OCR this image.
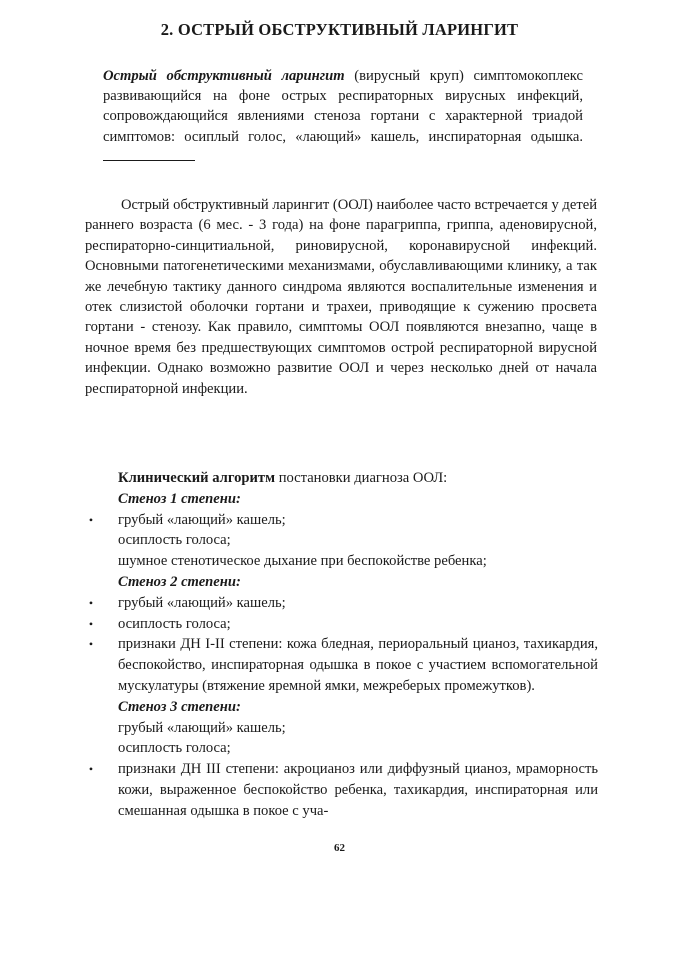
2. ОСТРЫЙ ОБСТРУКТИВНЫЙ ЛАРИНГИТ
Острый обструктивный ларингит (вирусный круп) симптомокоплекс развивающийся на фоне острых респираторных вирусных инфекций, сопровождающийся явлениями стеноза гортани с характерной триадой симптомов: осиплый голос, «лающий» кашель, инспираторная одышка.

Острый обструктивный ларингит (ООЛ) наиболее часто встречается у детей раннего возраста (6 мес. - 3 года) на фоне парагриппа, гриппа, аденовирусной, респираторно-синцитиальной, риновирусной, коронавирусной инфекций. Основными патогенетическими механизмами, обуславливающими клинику, а так же лечебную тактику данного синдрома являются воспалительные изменения и отек слизистой оболочки гортани и трахеи, приводящие к сужению просвета гортани - стенозу. Как правило, симптомы ООЛ появляются внезапно, чаще в ночное время без предшествующих симптомов острой респираторной вирусной инфекции. Однако возможно развитие ООЛ и через несколько дней от начала респираторной инфекции.

Клинический алгоритм постановки диагноза ООЛ:
Стеноз 1 степени:
• грубый «лающий» кашель;
осиплость голоса;
шумное стенотическое дыхание при беспокойстве ребенка;
Стеноз 2 степени:
• грубый «лающий» кашель;
• осиплость голоса;
• признаки ДН I-II степени: кожа бледная, периоральный цианоз, тахикардия, беспокойство, инспираторная одышка в покое с участием вспомогательной мускулатуры (втяжение яремной ямки, межреберых промежутков).
Стеноз 3 степени:
грубый «лающий» кашель;
осиплость голоса;
• признаки ДН III степени: акроцианоз или диффузный цианоз, мраморность кожи, выраженное беспокойство ребенка, тахикардия, инспираторная или смешанная одышка в покое с уча-
62
